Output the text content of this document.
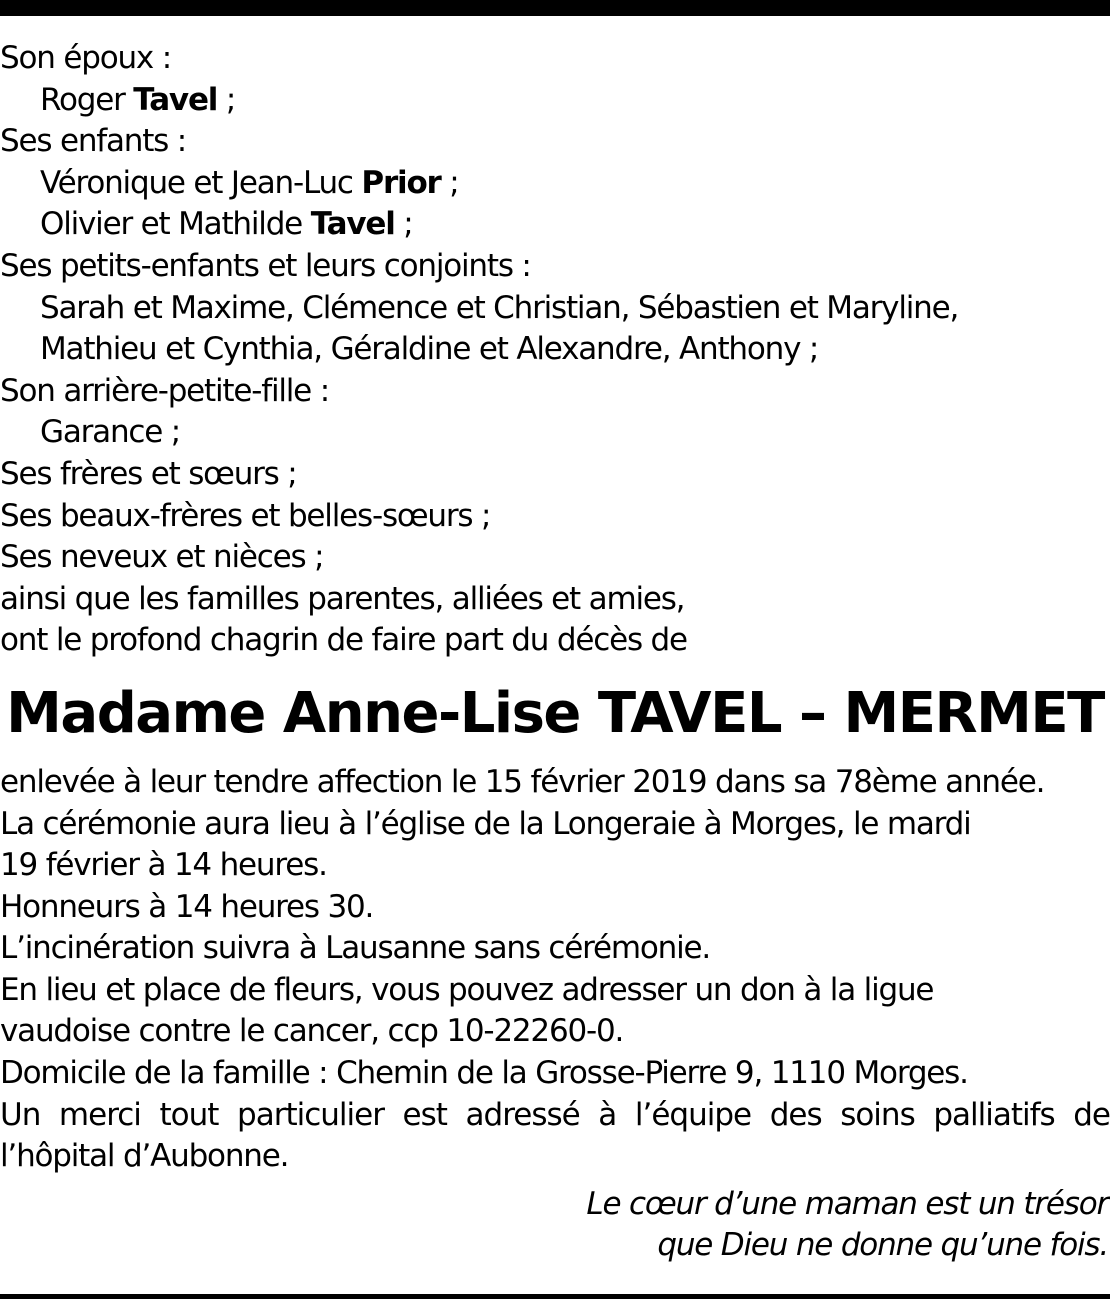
Son époux :
Roger Tavel ;
Ses enfants :
Véronique et Jean-Luc Prior ;
Olivier et Mathilde Tavel ;
Ses petits-enfants et leurs conjoints :
Sarah et Maxime, Clémence et Christian, Sébastien et Maryline,
Mathieu et Cynthia, Géraldine et Alexandre, Anthony ;
Son arrière-petite-fille :
Garance ;
Ses frères et sœurs ;
Ses beaux-frères et belles-sœurs ;
Ses neveux et nièces ;
ainsi que les familles parentes, alliées et amies,
ont le profond chagrin de faire part du décès de
Madame Anne-Lise TAVEL – MERMET
enlevée à leur tendre affection le 15 février 2019 dans sa 78ème année.
La cérémonie aura lieu à l’église de la Longeraie à Morges, le mardi
19 février à 14 heures.
Honneurs à 14 heures 30.
L’incinération suivra à Lausanne sans cérémonie.
En lieu et place de fleurs, vous pouvez adresser un don à la ligue
vaudoise contre le cancer, ccp 10-22260-0.
Domicile de la famille : Chemin de la Grosse-Pierre 9, 1110 Morges.
Un merci tout particulier est adressé à l’équipe des soins palliatifs de
l’hôpital d’Aubonne.
Le cœur d’une maman est un trésor
que Dieu ne donne qu’une fois.
